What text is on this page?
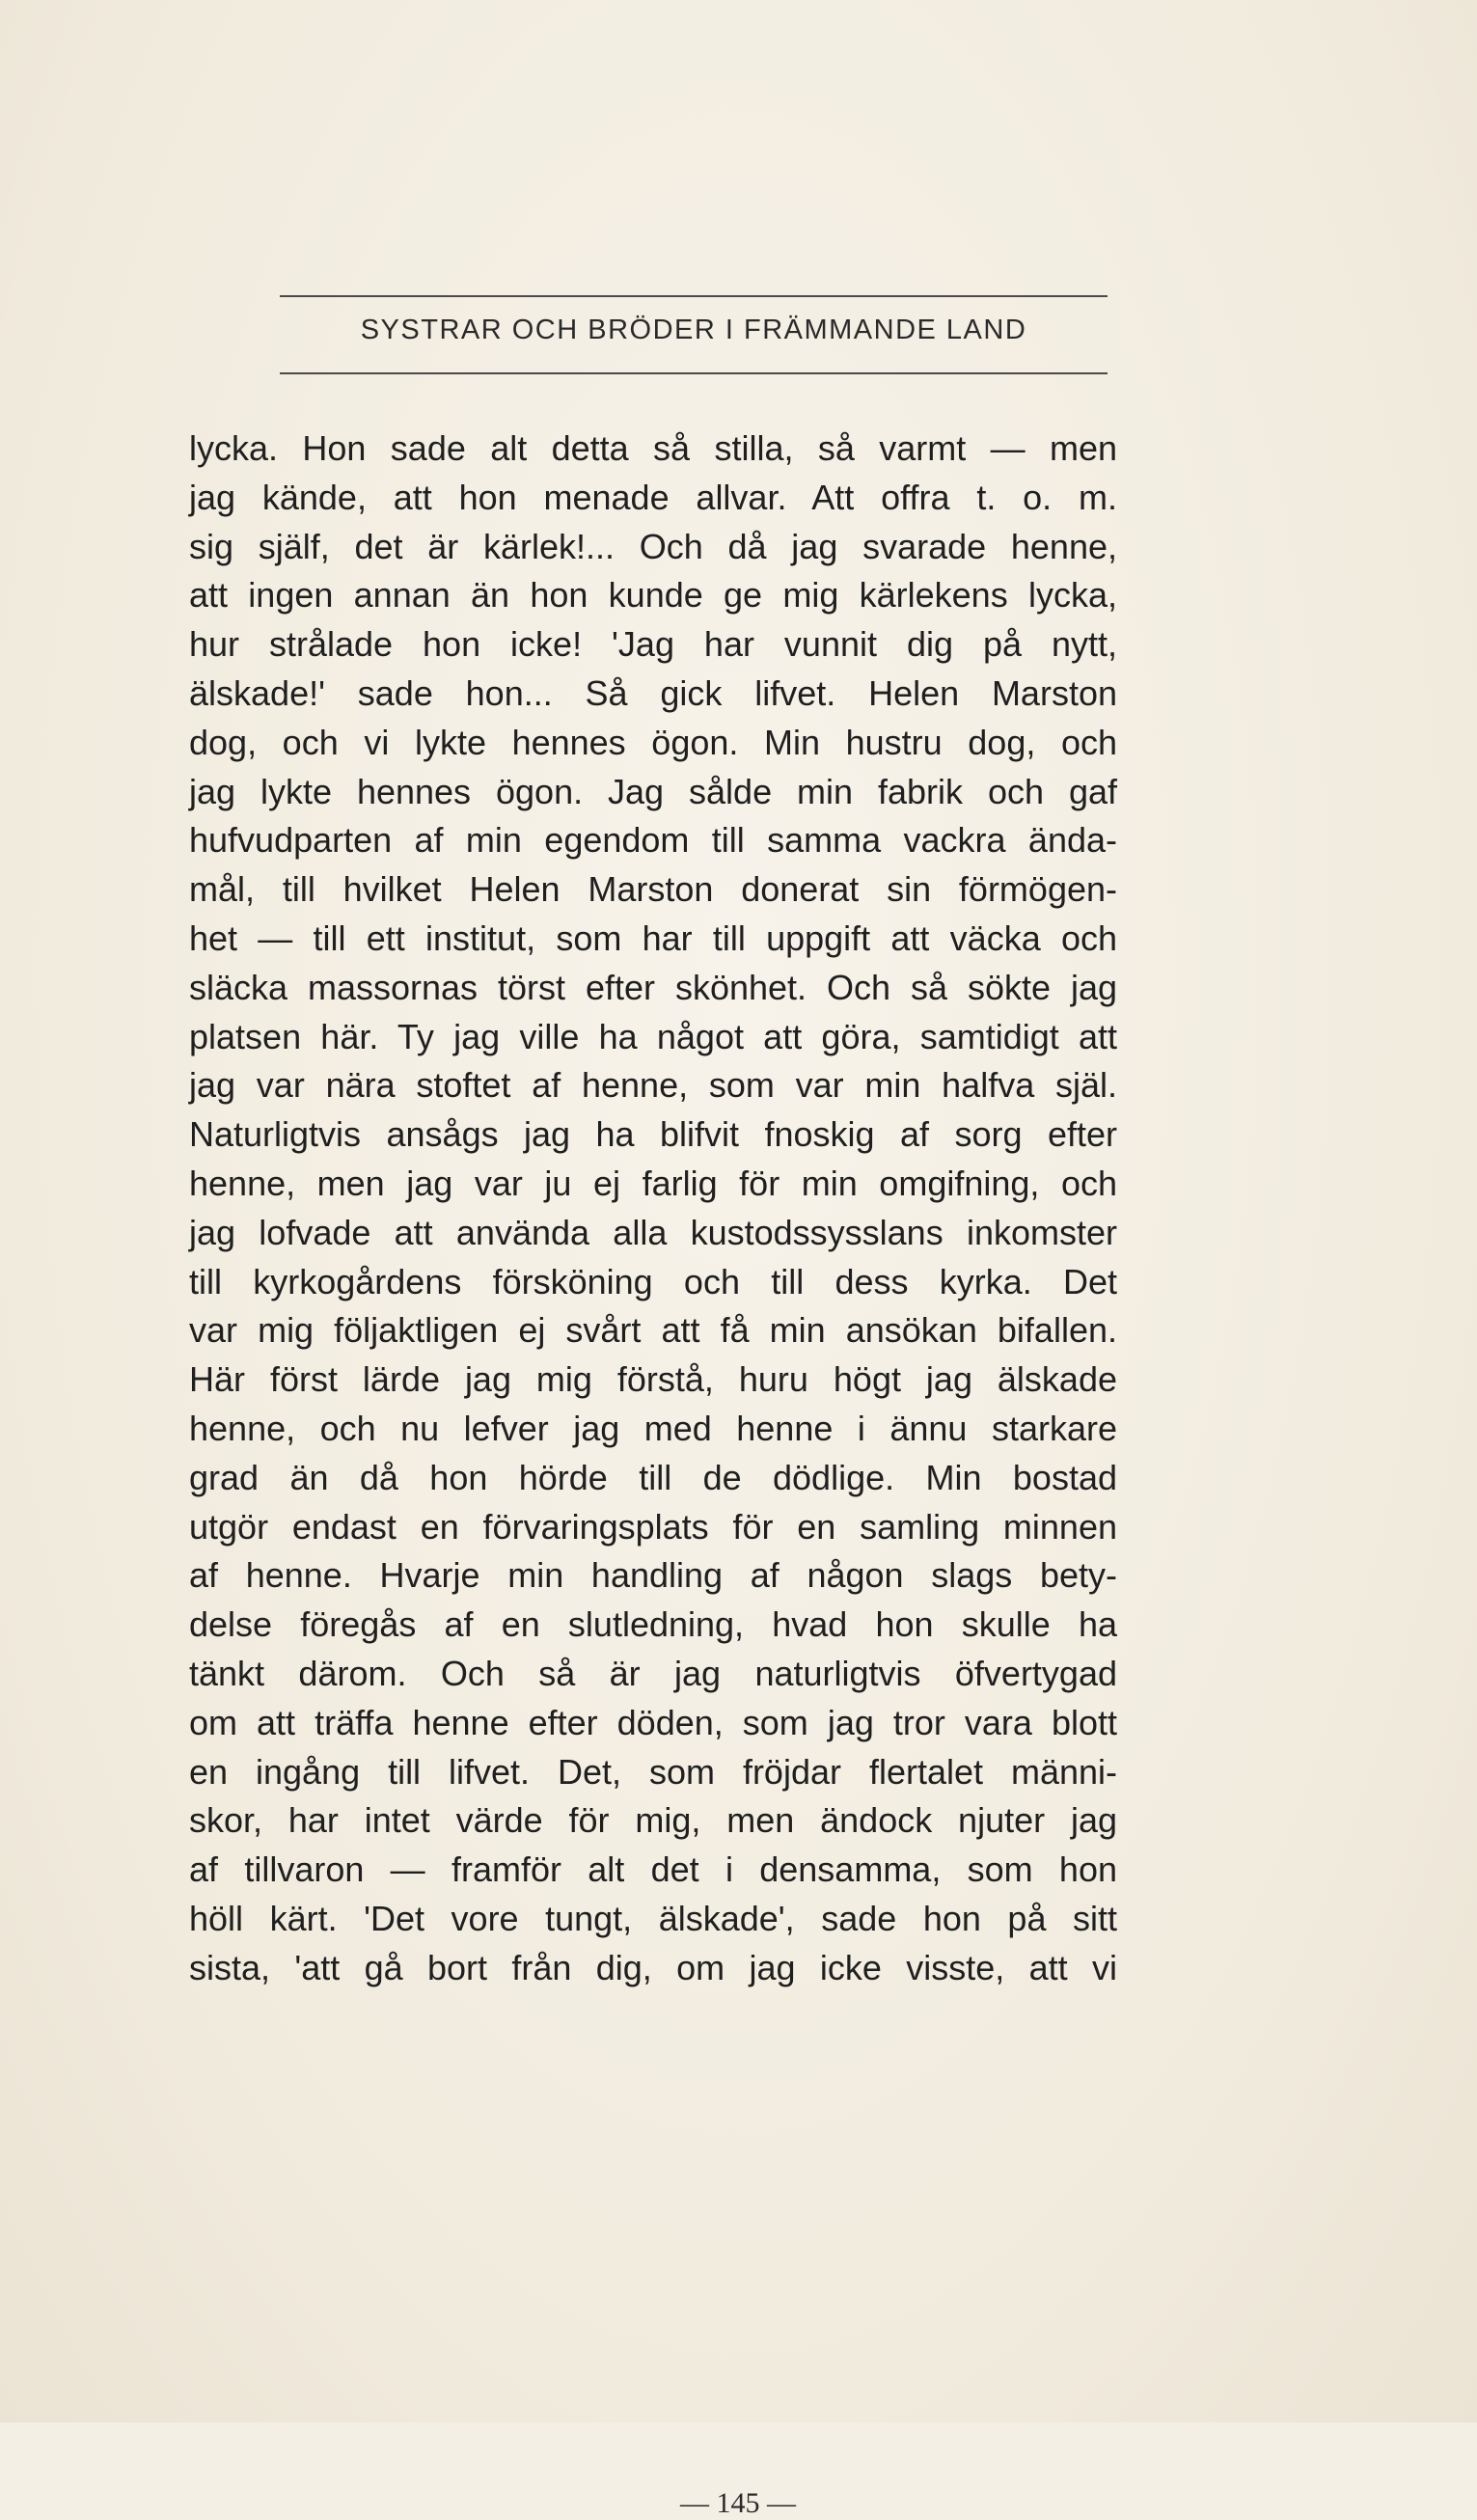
SYSTRAR OCH BRÖDER I FRÄMMANDE LAND
lycka. Hon sade alt detta så stilla, så varmt — men
jag kände, att hon menade allvar. Att offra t. o. m.
sig själf, det är kärlek!... Och då jag svarade henne,
att ingen annan än hon kunde ge mig kärlekens lycka,
hur strålade hon icke! 'Jag har vunnit dig på nytt,
älskade!' sade hon... Så gick lifvet. Helen Marston
dog, och vi lykte hennes ögon. Min hustru dog, och
jag lykte hennes ögon. Jag sålde min fabrik och gaf
hufvudparten af min egendom till samma vackra ända-
mål, till hvilket Helen Marston donerat sin förmögen-
het — till ett institut, som har till uppgift att väcka och
släcka massornas törst efter skönhet. Och så sökte jag
platsen här. Ty jag ville ha något att göra, samtidigt att
jag var nära stoftet af henne, som var min halfva själ.
Naturligtvis ansågs jag ha blifvit fnoskig af sorg efter
henne, men jag var ju ej farlig för min omgifning, och
jag lofvade att använda alla kustodssysslans inkomster
till kyrkogårdens försköning och till dess kyrka. Det
var mig följaktligen ej svårt att få min ansökan bifallen.
Här först lärde jag mig förstå, huru högt jag älskade
henne, och nu lefver jag med henne i ännu starkare
grad än då hon hörde till de dödlige. Min bostad
utgör endast en förvaringsplats för en samling minnen
af henne. Hvarje min handling af någon slags bety-
delse föregås af en slutledning, hvad hon skulle ha
tänkt därom. Och så är jag naturligtvis öfvertygad
om att träffa henne efter döden, som jag tror vara blott
en ingång till lifvet. Det, som fröjdar flertalet männi-
skor, har intet värde för mig, men ändock njuter jag
af tillvaron — framför alt det i densamma, som hon
höll kärt. 'Det vore tungt, älskade', sade hon på sitt
sista, 'att gå bort från dig, om jag icke visste, att vi
— 145 —
